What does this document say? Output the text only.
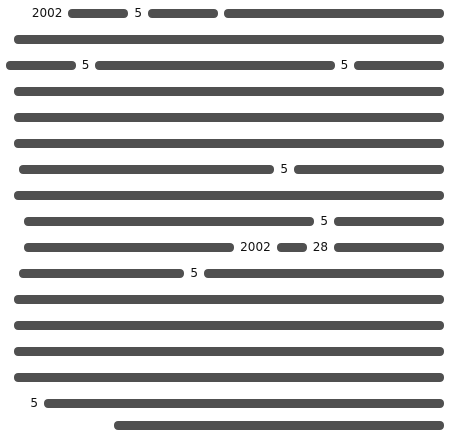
5
2002
5
5
5
5
28
2002
5
5
